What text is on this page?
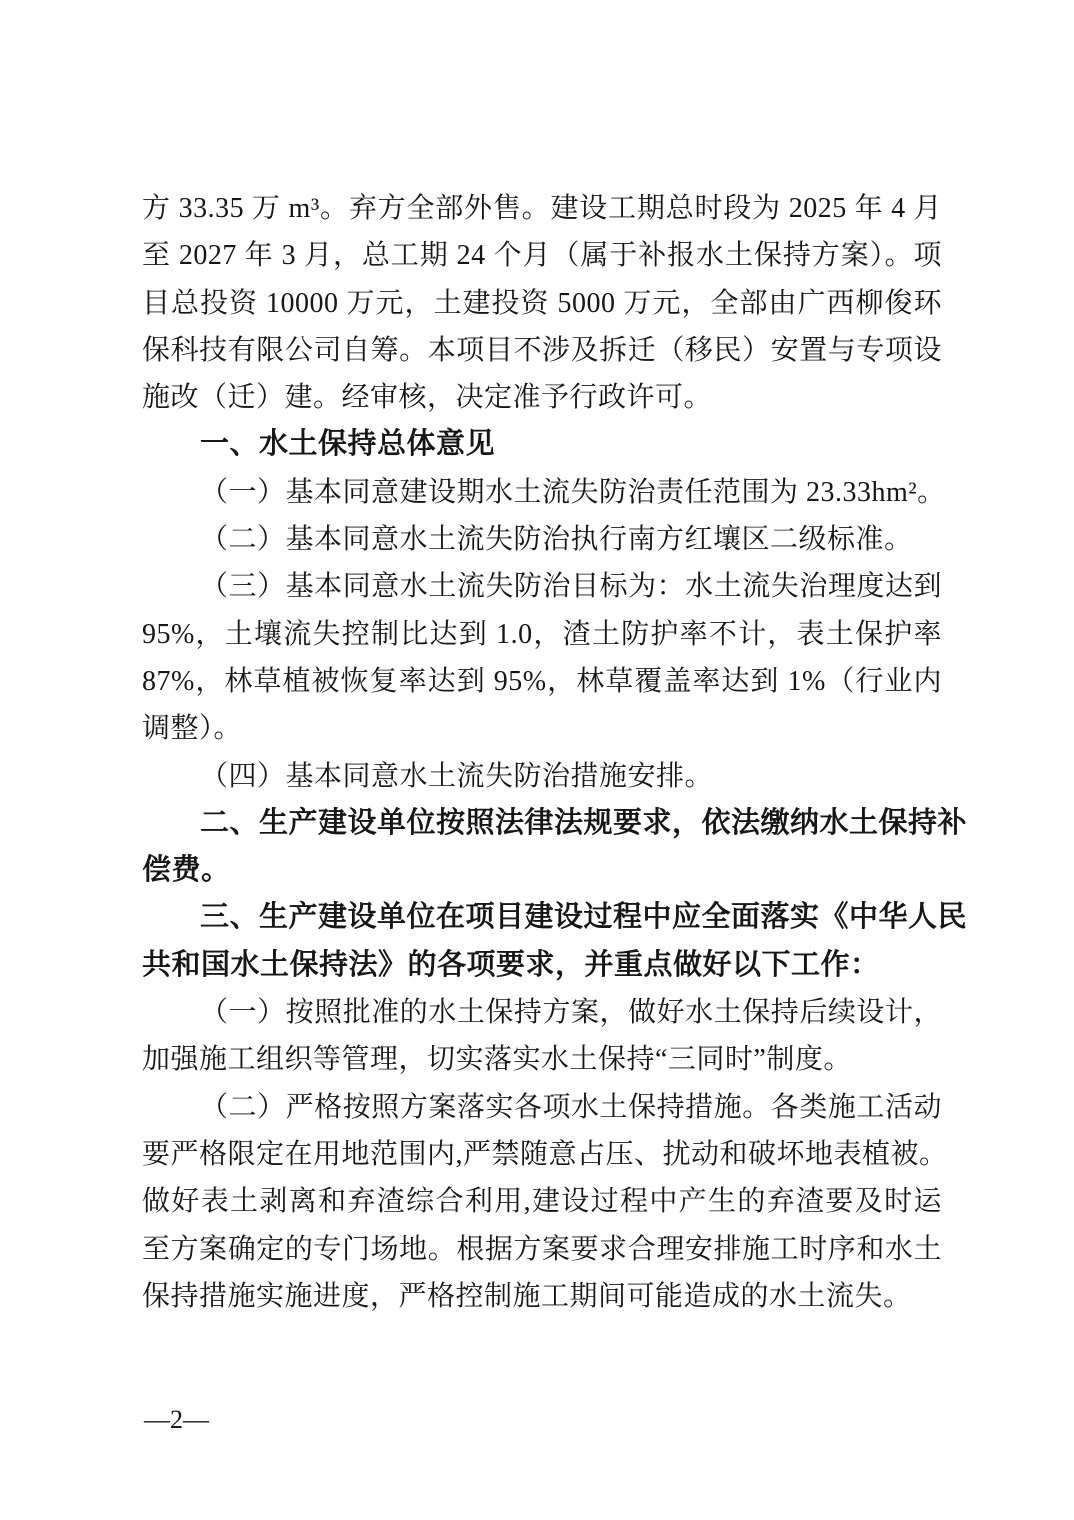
方 33.35 万 m³。弃方全部外售。建设工期总时段为 2025 年 4 月
至 2027 年 3 月，总工期 24 个月（属于补报水土保持方案）。项
目总投资 10000 万元，土建投资 5000 万元，全部由广西柳俊环
保科技有限公司自筹。本项目不涉及拆迁（移民）安置与专项设
施改（迁）建。经审核，决定准予行政许可。
一、水土保持总体意见
（一）基本同意建设期水土流失防治责任范围为 23.33hm²。
（二）基本同意水土流失防治执行南方红壤区二级标准。
（三）基本同意水土流失防治目标为：水土流失治理度达到
95%，土壤流失控制比达到 1.0，渣土防护率不计，表土保护率
87%，林草植被恢复率达到 95%，林草覆盖率达到 1%（行业内
调整）。
（四）基本同意水土流失防治措施安排。
二、生产建设单位按照法律法规要求，依法缴纳水土保持补
偿费。
三、生产建设单位在项目建设过程中应全面落实《中华人民
共和国水土保持法》的各项要求，并重点做好以下工作：
（一）按照批准的水土保持方案，做好水土保持后续设计，
加强施工组织等管理，切实落实水土保持“三同时”制度。
（二）严格按照方案落实各项水土保持措施。各类施工活动
要严格限定在用地范围内,严禁随意占压、扰动和破坏地表植被。
做好表土剥离和弃渣综合利用,建设过程中产生的弃渣要及时运
至方案确定的专门场地。根据方案要求合理安排施工时序和水土
保持措施实施进度，严格控制施工期间可能造成的水土流失。
—2—
